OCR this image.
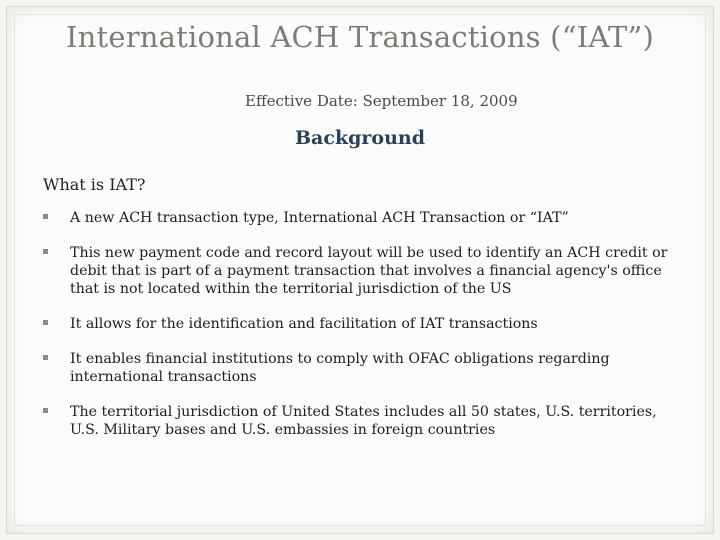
International ACH Transactions (“IAT”)
Effective Date: September 18, 2009
Background
What is IAT?
A new ACH transaction type, International ACH Transaction or “IAT”
This new payment code and record layout will be used to identify an ACH credit or debit that is part of a payment transaction that involves a financial agency's office that is not located within the territorial jurisdiction of the US
It allows for the identification and facilitation of IAT transactions
It enables financial institutions to comply with OFAC obligations regarding international transactions
The territorial jurisdiction of United States includes all 50 states, U.S. territories, U.S. Military bases and U.S. embassies in foreign countries
